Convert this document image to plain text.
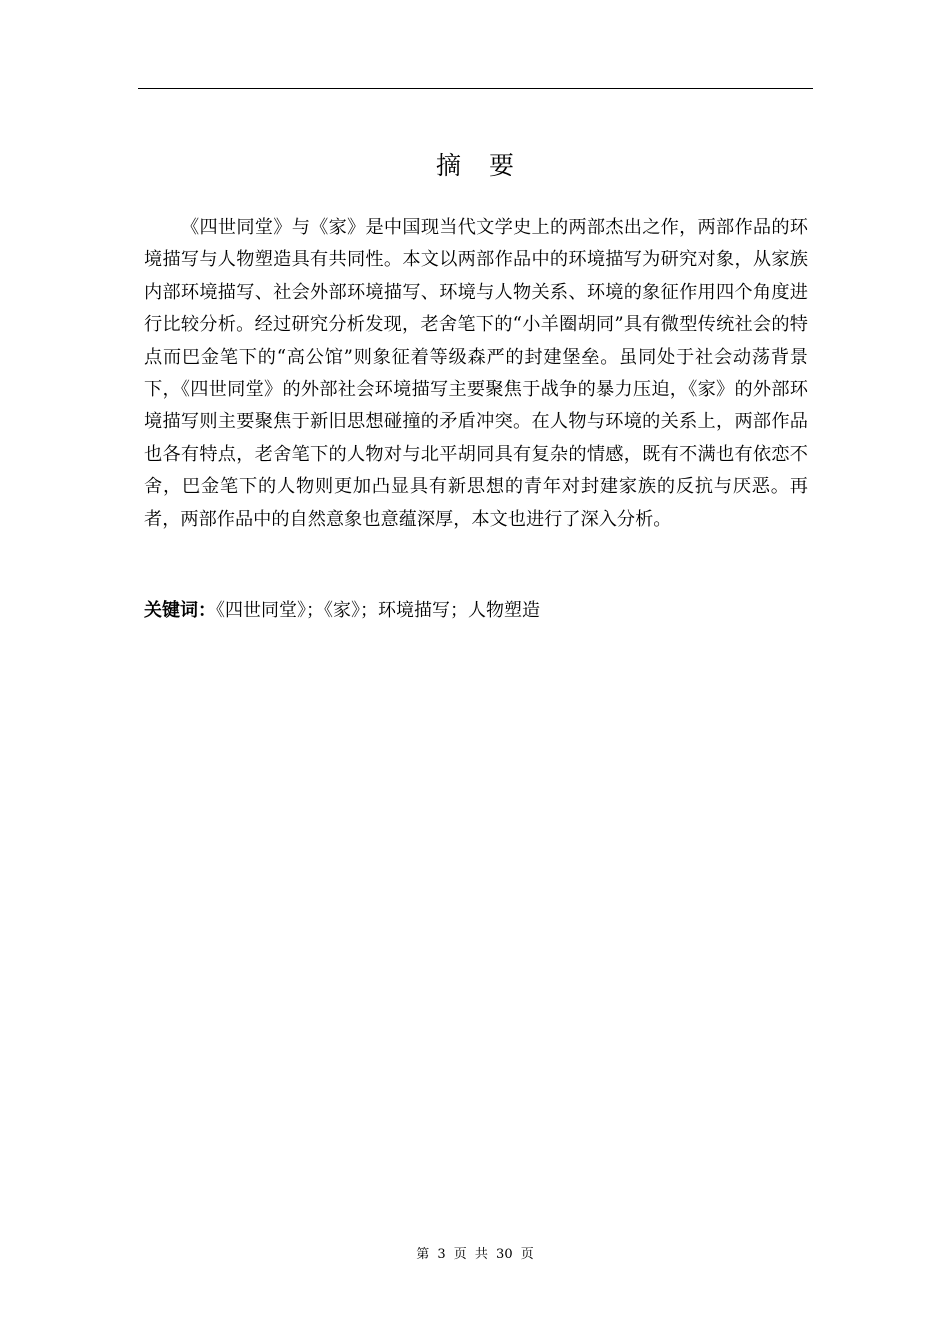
摘要

《四世同堂》与《家》是中国现当代文学史上的两部杰出之作，两部作品的环境描写与人物塑造具有共同性。本文以两部作品中的环境描写为研究对象，从家族内部环境描写、社会外部环境描写、环境与人物关系、环境的象征作用四个角度进行比较分析。经过研究分析发现，老舍笔下的“小羊圈胡同”具有微型传统社会的特点而巴金笔下的“高公馆”则象征着等级森严的封建堡垒。虽同处于社会动荡背景下，《四世同堂》的外部社会环境描写主要聚焦于战争的暴力压迫，《家》的外部环境描写则主要聚焦于新旧思想碰撞的矛盾冲突。在人物与环境的关系上，两部作品也各有特点，老舍笔下的人物对与北平胡同具有复杂的情感，既有不满也有依恋不舍，巴金笔下的人物则更加凸显具有新思想的青年对封建家族的反抗与厌恶。再者，两部作品中的自然意象也意蕴深厚，本文也进行了深入分析。

关键词：《四世同堂》；《家》；环境描写；人物塑造
第 3 页 共 30 页
